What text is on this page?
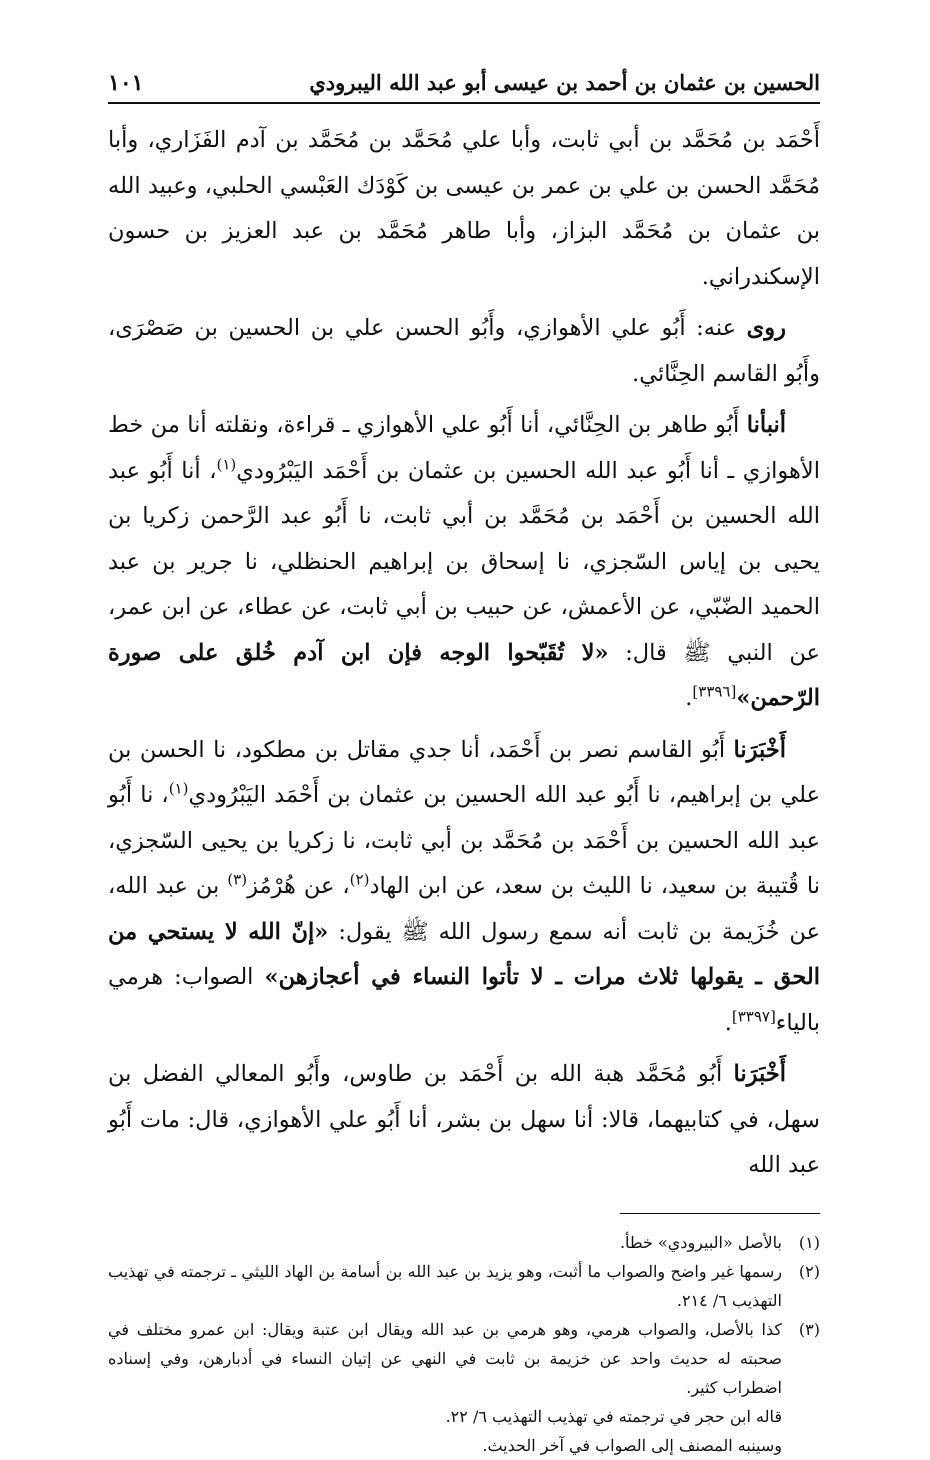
الحسين بن عثمان بن أحمد بن عيسى أبو عبد الله اليبرودي
١٠١

أَحْمَد بن مُحَمَّد بن أبي ثابت، وأبا علي مُحَمَّد بن مُحَمَّد بن آدم الفَزَاري، وأبا مُحَمَّد الحسن بن علي بن عمر بن عيسى بن كَوْدَك العَبْسي الحلبي، وعبيد الله بن عثمان بن مُحَمَّد البزاز، وأبا طاهر مُحَمَّد بن عبد العزيز بن حسون الإسكندراني.

روى عنه: أَبُو علي الأهوازي، وأَبُو الحسن علي بن الحسين بن صَصْرَى، وأَبُو القاسم الحِنَّائي.

أنبأنا أَبُو طاهر بن الحِنَّائي، أنا أَبُو علي الأهوازي ـ قراءة، ونقلته أنا من خط الأهوازي ـ أنا أَبُو عبد الله الحسين بن عثمان بن أَحْمَد اليَبْرُودي$^{(١)}$، أنا أَبُو عبد الله الحسين بن أَحْمَد بن مُحَمَّد بن أبي ثابت، نا أَبُو عبد الرَّحمن زكريا بن يحيى بن إياس السّجزي، نا إسحاق بن إبراهيم الحنظلي، نا جرير بن عبد الحميد الضّبّي، عن الأعمش، عن حبيب بن أبي ثابت، عن عطاء، عن ابن عمر، عن النبي ﷺ قال: «لا تُقَبّحوا الوجه فإن ابن آدم خُلق على صورة الرّحمن»[٣٣٩٦].

أَخْبَرَنا أَبُو القاسم نصر بن أَحْمَد، أنا جدي مقاتل بن مطكود، نا الحسن بن علي بن إبراهيم، نا أَبُو عبد الله الحسين بن عثمان بن أَحْمَد اليَبْرُودي$^{(١)}$، نا أَبُو عبد الله الحسين بن أَحْمَد بن مُحَمَّد بن أبي ثابت، نا زكريا بن يحيى السّجزي، نا قُتيبة بن سعيد، نا الليث بن سعد، عن ابن الهاد$^{(٢)}$، عن هُرْمُز$^{(٣)}$ بن عبد الله، عن خُزَيمة بن ثابت أنه سمع رسول الله ﷺ يقول: «إنّ الله لا يستحي من الحق ـ يقولها ثلاث مرات ـ لا تأتوا النساء في أعجازهن» الصواب: هرمي بالياء[٣٣٩٧].

أَخْبَرَنا أَبُو مُحَمَّد هبة الله بن أَحْمَد بن طاوس، وأَبُو المعالي الفضل بن سهل، في كتابيهما، قالا: أنا سهل بن بشر، أنا أَبُو علي الأهوازي، قال: مات أَبُو عبد الله

(١)
بالأصل «البيرودي» خطأ.
(٢)
رسمها غير واضح والصواب ما أثبت، وهو يزيد بن عبد الله بن أسامة بن الهاد الليثي ـ ترجمته في تهذيب التهذيب ٦/ ٢١٤.
(٣)
كذا بالأصل، والصواب هرمي، وهو هرمي بن عبد الله ويقال ابن عتبة ويقال: ابن عمرو مختلف في صحبته له حديث واحد عن خزيمة بن ثابت في النهي عن إتيان النساء في أدبارهن، وفي إسناده اضطراب كثير.
قاله ابن حجر في ترجمته في تهذيب التهذيب ٦/ ٢٢.
وسينبه المصنف إلى الصواب في آخر الحديث.
